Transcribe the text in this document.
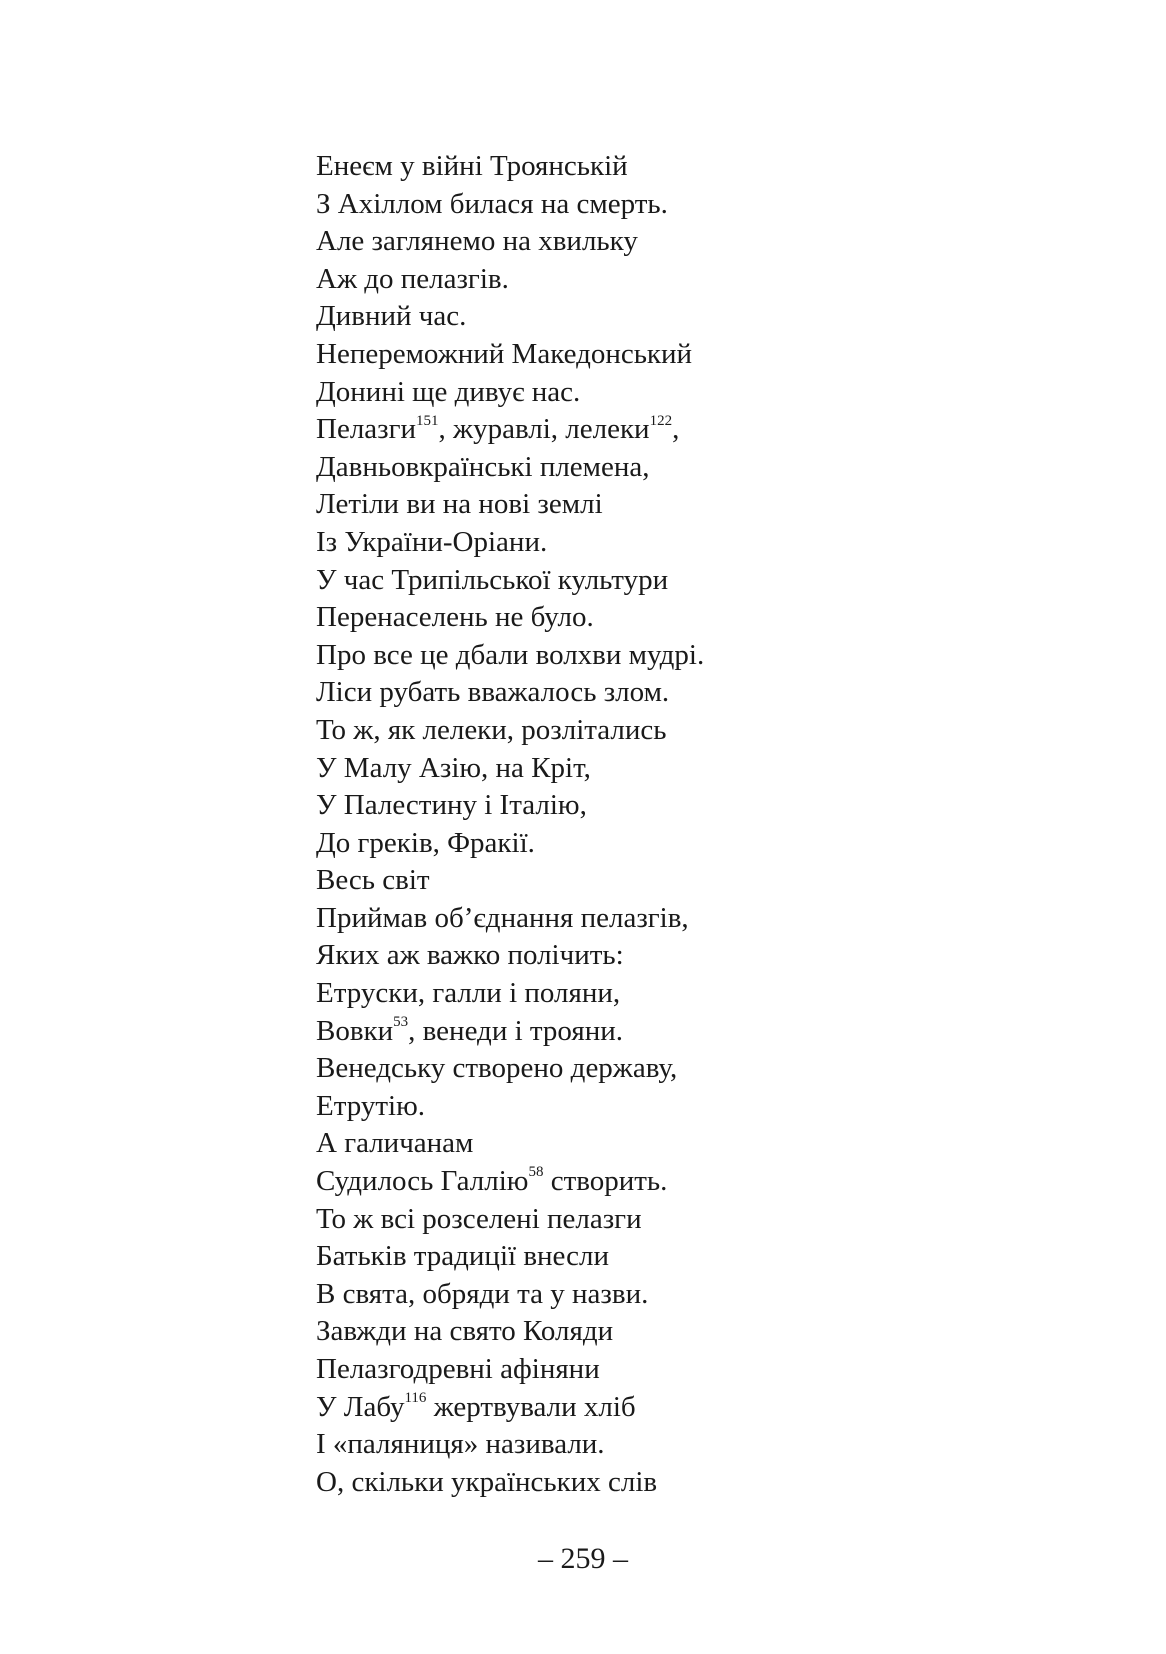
Енеєм у війні Троянській
З Ахіллом билася на смерть.
Але заглянемо на хвильку
Аж до пелазгів.
Дивний час.
Непереможний Македонський
Донині ще дивує нас.
Пелазги$^{151}$, журавлі, лелеки$^{122}$,
Давньовкраїнські племена,
Летіли ви на нові землі
Із України-Оріани.
У час Трипільської культури
Перенаселень не було.
Про все це дбали волхви мудрі.
Ліси рубать вважалось злом.
То ж, як лелеки, розлітались
У Малу Азію, на Кріт,
У Палестину і Італію,
До греків, Фракії.
Весь світ
Приймав об’єднання пелазгів,
Яких аж важко полічить:
Етруски, галли і поляни,
Вовки$^{53}$, венеди і трояни.
Венедську створено державу,
Етрутію.
А галичанам
Судилось Галлію$^{58}$ створить.
То ж всі розселені пелазги
Батьків традиції внесли
В свята, обряди та у назви.
Завжди на свято Коляди
Пелазгодревні афіняни
У Лабу$^{116}$ жертвували хліб
І «паляниця» називали.
О, скільки українських слів
– 259 –
